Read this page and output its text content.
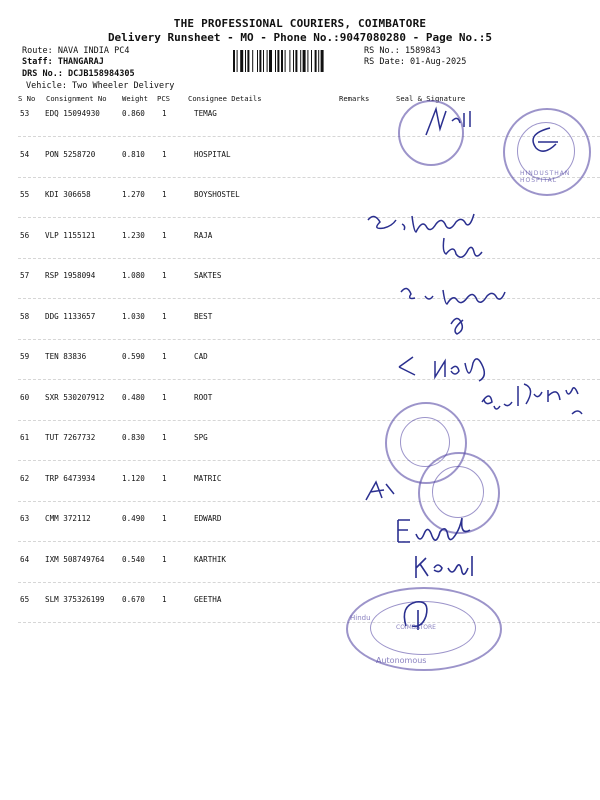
THE PROFESSIONAL COURIERS, COIMBATORE
Delivery Runsheet - MO - Phone No.:9047080280 - Page No.:5
Route: NAVA INDIA PC4
Staff: THANGARAJ
DRS No.: DCJB158984305
Vehicle: Two Wheeler Delivery
RS No.: 1589843
RS Date: 01-Aug-2025
S No Consignment No Weight PCS	Consignee Details	Remarks	Seal & Signature
53 EDQ 15094930	0.860 1	TEMAG
54 PON 5258720	0.810 1	HOSPITAL
55 KDI 306658	1.270 1	BOYSHOSTEL
56 VLP 1155121	1.230 1	RAJA
57 RSP 1958094	1.080 1	SAKTES
58 DDG 1133657	1.030 1	BEST
59 TEN 83836	0.590 1	CAD
60 SXR 530207912 0.480 1	ROOT
61 TUT 7267732	0.830 1	SPG
62 TRP 6473934	1.120 1	MATRIC
63 CMM 372112	0.490 1	EDWARD
64 IXM 508749764 0.540 1	KARTHIK
65 SLM 375326199 0.670 1	GEETHA
HINDUSTHAN HOSPITAL
Autonomous
Hindu
COIMBATORE
